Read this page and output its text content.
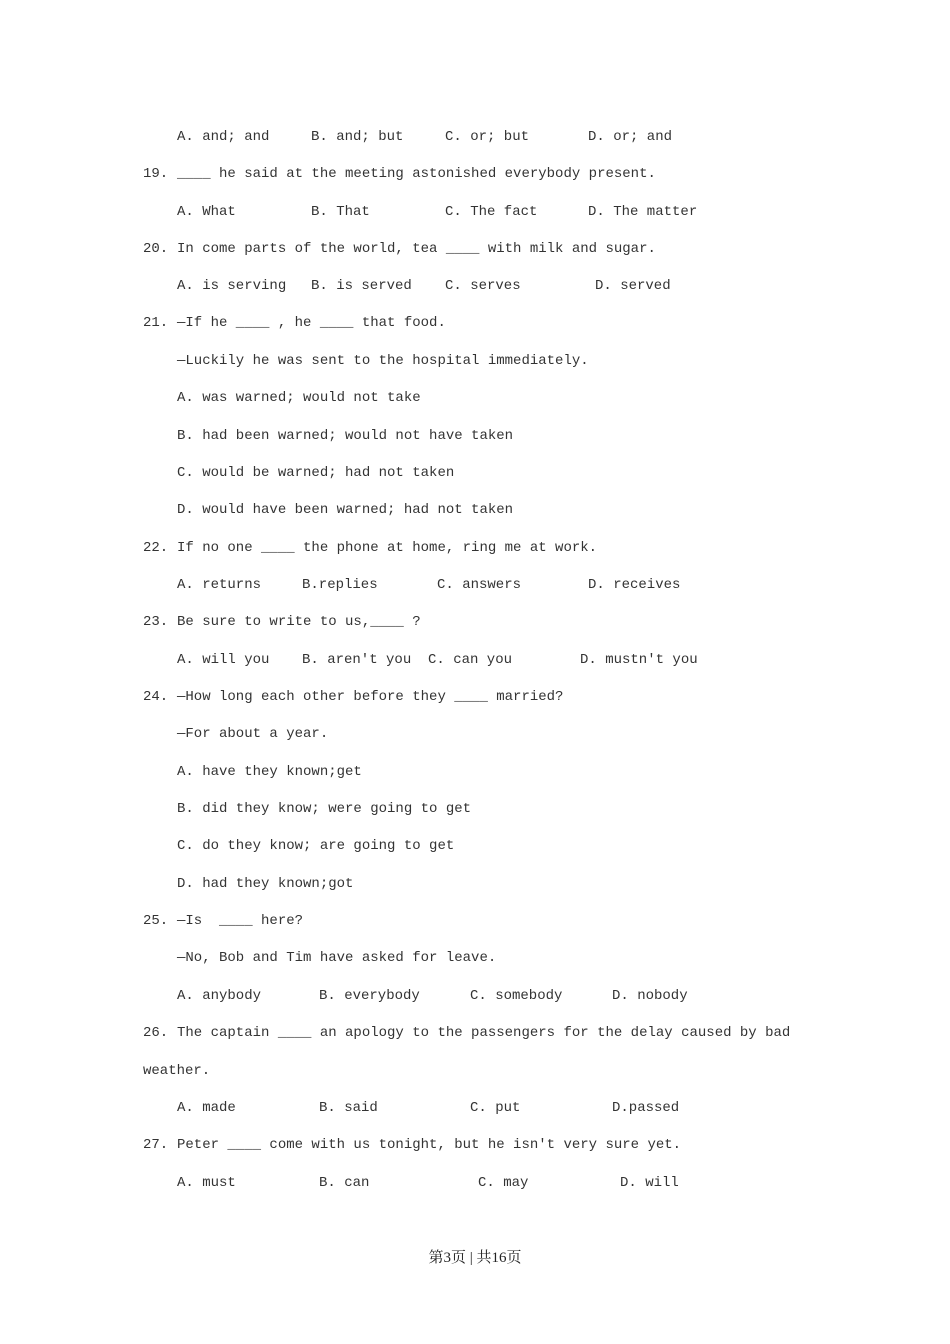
A. and; and	B. and; but	C. or; but	D. or; and
19. ____ he said at the meeting astonished everybody present.
A. What	B. That	C. The fact	D. The matter
20. In come parts of the world, tea ____ with milk and sugar.
A. is serving B. is served C. serves	D. served
21. —If he ____ , he ____ that food.
—Luckily he was sent to the hospital immediately.
A. was warned; would not take
B. had been warned; would not have taken
C. would be warned; had not taken
D. would have been warned; had not taken
22. If no one ____ the phone at home, ring me at work.
A. returns	B.replies	C. answers	D. receives
23. Be sure to write to us,____ ?
A. will you B. aren't you C. can you	D. mustn't you
24. —How long each other before they ____ married?
—For about a year.
A. have they known;get
B. did they know; were going to get
C. do they know; are going to get
D. had they known;got
25. —Is  ____ here?
—No, Bob and Tim have asked for leave.
A. anybody	B. everybody	C. somebody	D. nobody
26. The captain ____ an apology to the passengers for the delay caused by bad
weather.
A. made	B. said	C. put	D.passed
27. Peter ____ come with us tonight, but he isn't very sure yet.
A. must	B. can	C. may	D. will
第3页 | 共16页
